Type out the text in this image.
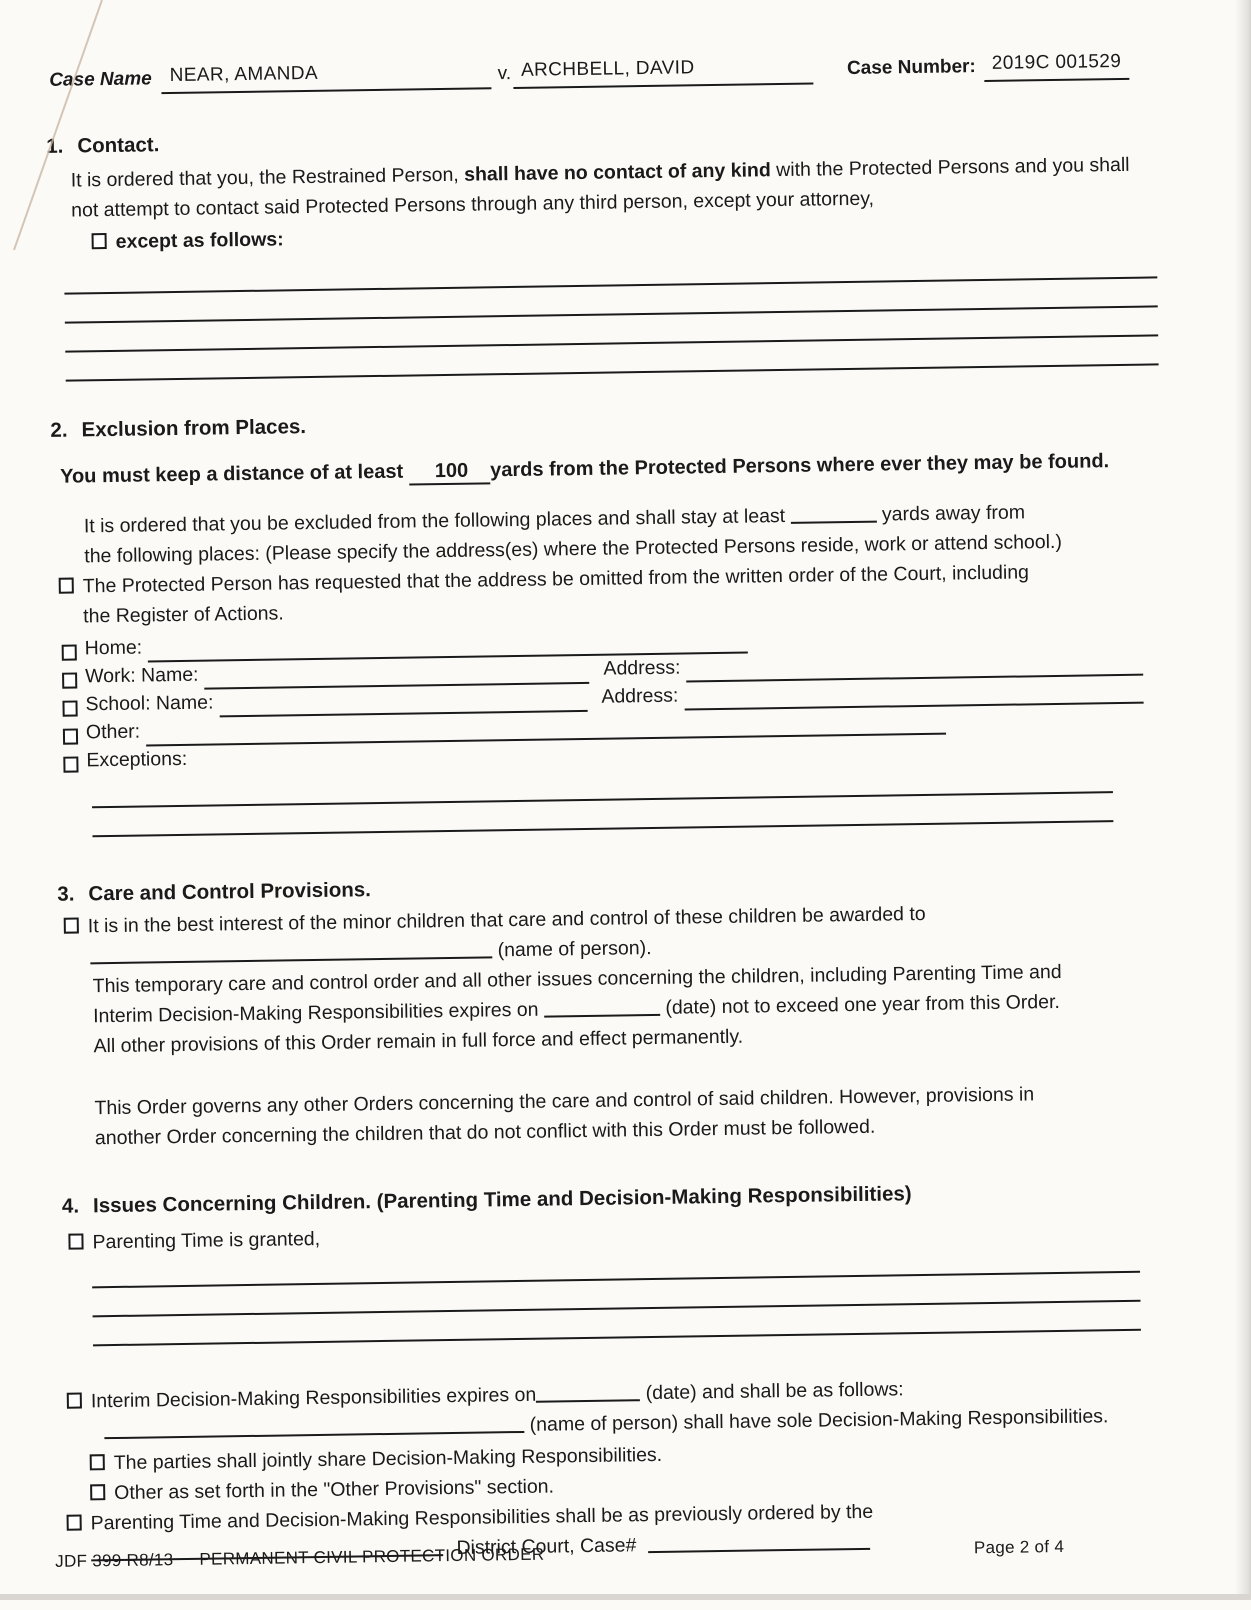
Case Name NEAR, AMANDA	v. ARCHBELL, DAVID	Case Number: 2019C 001529
1. Contact.
It is ordered that you, the Restrained Person, shall have no contact of any kind with the Protected Persons and you shall not attempt to contact said Protected Persons through any third person, except your attorney,
except as follows:
2. Exclusion from Places.
You must keep a distance of at least 100 yards from the Protected Persons where ever they may be found.
It is ordered that you be excluded from the following places and shall stay at least	yards away from
the following places: (Please specify the address(es) where the Protected Persons reside, work or attend school.)
The Protected Person has requested that the address be omitted from the written order of the Court, including
the Register of Actions.
Home:
Work: Name:	Address:
School: Name:	Address:
Other:
Exceptions:
3. Care and Control Provisions.
It is in the best interest of the minor children that care and control of these children be awarded to
(name of person).
This temporary care and control order and all other issues concerning the children, including Parenting Time and
Interim Decision-Making Responsibilities expires on	(date) not to exceed one year from this Order.
All other provisions of this Order remain in full force and effect permanently.
This Order governs any other Orders concerning the care and control of said children. However, provisions in
another Order concerning the children that do not conflict with this Order must be followed.
4. Issues Concerning Children. (Parenting Time and Decision-Making Responsibilities)
Parenting Time is granted,
Interim Decision-Making Responsibilities expires on	(date) and shall be as follows:
(name of person) shall have sole Decision-Making Responsibilities.
The parties shall jointly share Decision-Making Responsibilities.
Other as set forth in the "Other Provisions" section.
Parenting Time and Decision-Making Responsibilities shall be as previously ordered by the
District Court, Case#
JDF 399 R8/13 PERMANENT CIVIL PROTECTION ORDER	Page 2 of 4
